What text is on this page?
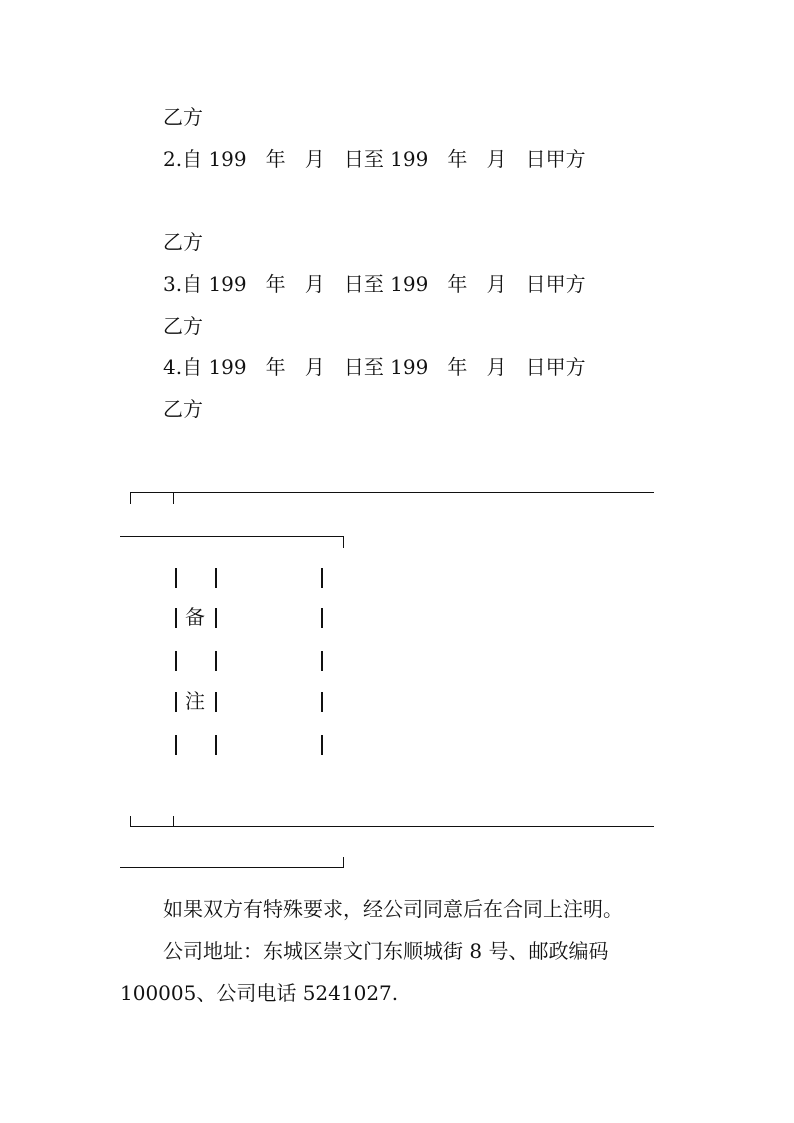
乙方
2.自 199   年   月   日至 199   年   月   日甲方
乙方
3.自 199   年   月   日至 199   年   月   日甲方
乙方
4.自 199   年   月   日至 199   年   月   日甲方
乙方
备
注
如果双方有特殊要求，经公司同意后在合同上注明。
公司地址：东城区崇文门东顺城街 8 号、邮政编码
100005、公司电话 5241027.
